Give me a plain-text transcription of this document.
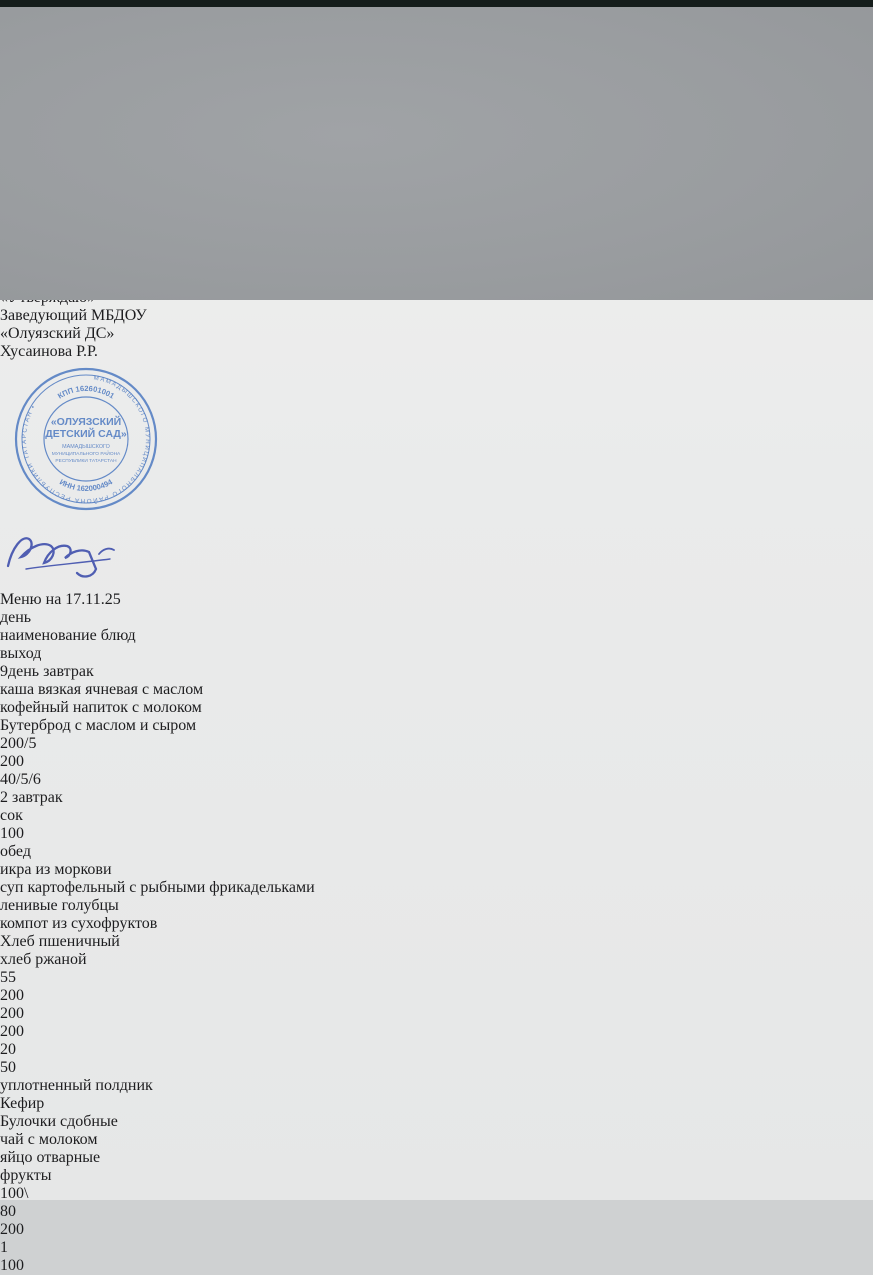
Заведующий МБДОУ
«Олуязский ДС»
Хусаинова Р.Р.
МАМАДЫШСКОГО МУНИЦИПАЛЬНОГО РАЙОНА РЕСПУБЛИКИ ТАТАРСТАН •
КПП 162601001
ИНН 162000494
«ОЛУЯЗСКИЙ
ДЕТСКИЙ САД»
МАМАДЫШСКОГО
МУНИЦИПАЛЬНОГО РАЙОНА
РЕСПУБЛИКИ ТАТАРСТАН
Меню на 17.11.25
день
наименование блюд
выход
9день завтрак
каша вязкая ячневая с маслом
кофейный напиток с молоком
Бутерброд с маслом и сыром
200/5
200
40/5/6
2 завтрак
сок
100
обед
икра из моркови
суп картофельный с рыбными фрикадельками
ленивые голубцы
компот из сухофруктов
Хлеб пшеничный
хлеб ржаной
55
200
200
200
20
50
уплотненный полдник
Кефир
Булочки сдобные
чай с молоком
яйцо отварные
фрукты
100\
80
200
1
100
